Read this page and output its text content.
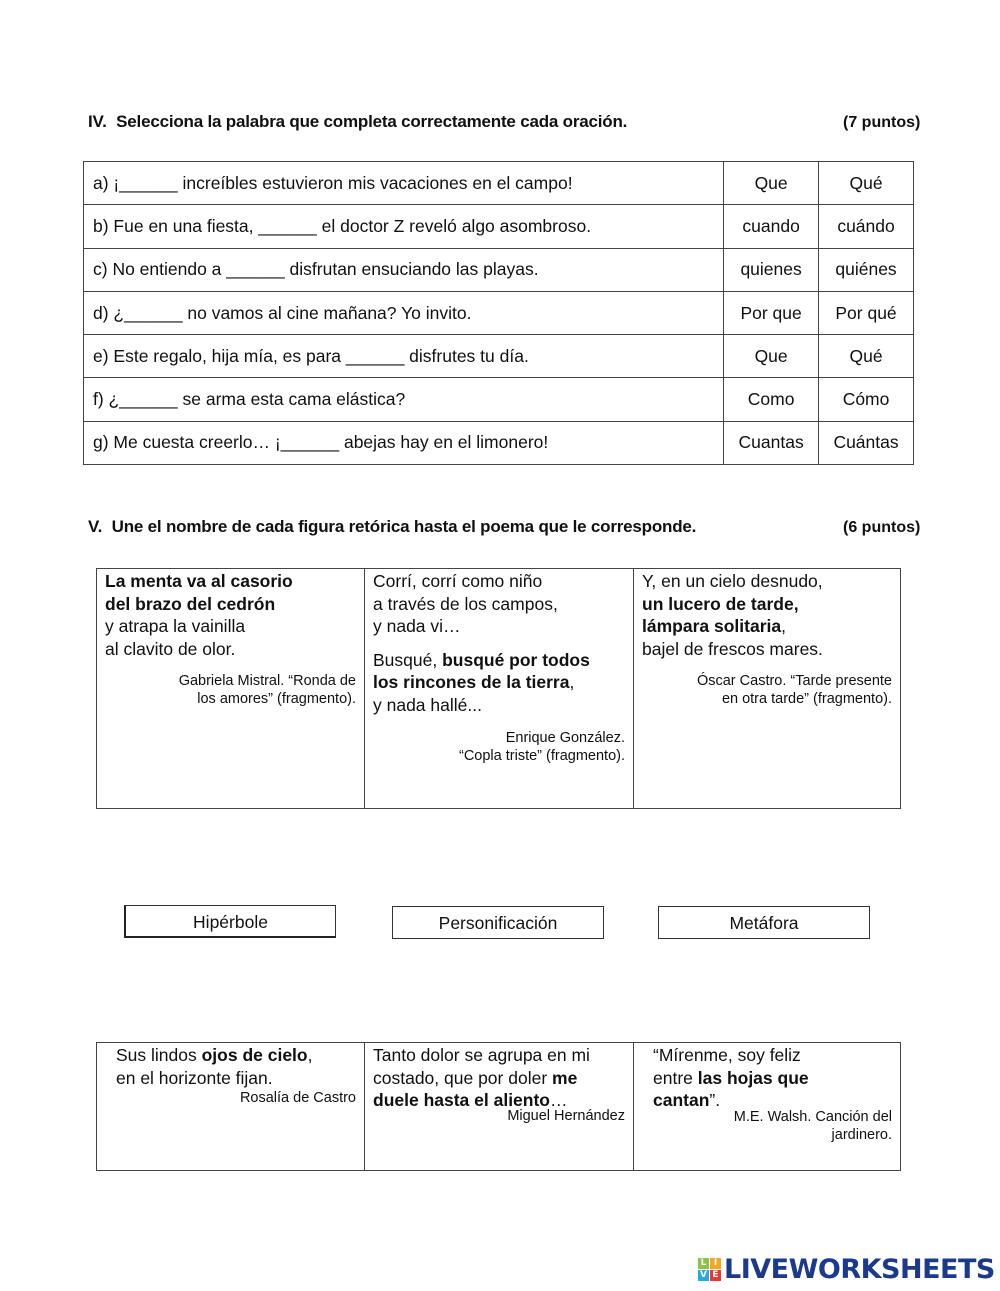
IV. Selecciona la palabra que completa correctamente cada oración.	(7 puntos)
a) ¡______ increíbles estuvieron mis vacaciones en el campo!	Que	Qué
b) Fue en una fiesta, ______ el doctor Z reveló algo asombroso.	cuando	cuándo
c) No entiendo a ______ disfrutan ensuciando las playas.	quienes	quiénes
d) ¿______ no vamos al cine mañana? Yo invito.	Por que	Por qué
e) Este regalo, hija mía, es para ______ disfrutes tu día.	Que	Qué
f) ¿______ se arma esta cama elástica?	Como	Cómo
g) Me cuesta creerlo… ¡______ abejas hay en el limonero!	Cuantas	Cuántas
V. Une el nombre de cada figura retórica hasta el poema que le corresponde.	(6 puntos)
La menta va al casorio
del brazo del cedrón
y atrapa la vainilla
al clavito de olor.
Gabriela Mistral. “Ronda de
los amores” (fragmento).
Corrí, corrí como niño
a través de los campos,
y nada vi…
Busqué, busqué por todos
los rincones de la tierra,
y nada hallé...
Enrique González.
“Copla triste” (fragmento).
Y, en un cielo desnudo,
un lucero de tarde,
lámpara solitaria,
bajel de frescos mares.
Óscar Castro. “Tarde presente
en otra tarde” (fragmento).
Hipérbole	Personificación	Metáfora
Sus lindos ojos de cielo,
en el horizonte fijan.
Rosalía de Castro
Tanto dolor se agrupa en mi
costado, que por doler me
duele hasta el aliento…
Miguel Hernández
“Mírenme, soy feliz
entre las hojas que
cantan”.
M.E. Walsh. Canción del
jardinero.
L I
V E LIVEWORKSHEETS
